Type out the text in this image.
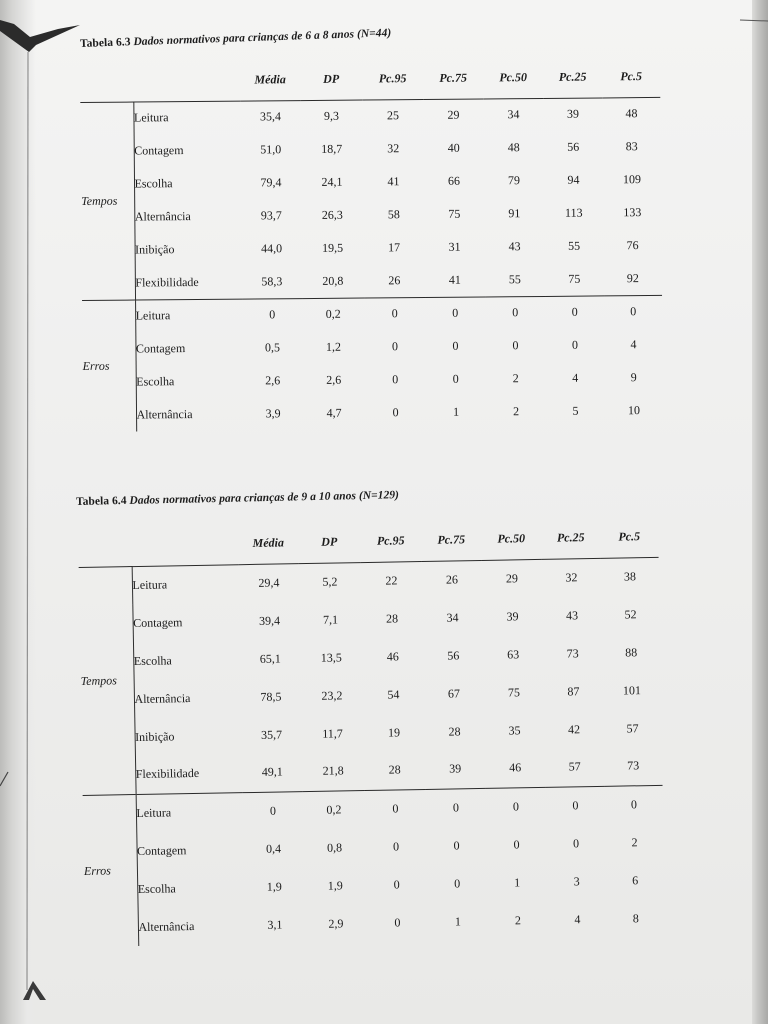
Tabela 6.3 Dados normativos para crianças de 6 a 8 anos (N=44)
		Média	DP	Pc.95	Pc.75	Pc.50	Pc.25	Pc.5
Tempos	Leitura	35,4	9,3	25	29	34	39	48
	Contagem	51,0	18,7	32	40	48	56	83
	Escolha	79,4	24,1	41	66	79	94	109
	Alternância	93,7	26,3	58	75	91	113	133
	Inibição	44,0	19,5	17	31	43	55	76
	Flexibilidade	58,3	20,8	26	41	55	75	92
Erros	Leitura	0	0,2	0	0	0	0	0
	Contagem	0,5	1,2	0	0	0	0	4
	Escolha	2,6	2,6	0	0	2	4	9
	Alternância	3,9	4,7	0	1	2	5	10
Tabela 6.4 Dados normativos para crianças de 9 a 10 anos (N=129)
		Média	DP	Pc.95	Pc.75	Pc.50	Pc.25	Pc.5
Tempos	Leitura	29,4	5,2	22	26	29	32	38
	Contagem	39,4	7,1	28	34	39	43	52
	Escolha	65,1	13,5	46	56	63	73	88
	Alternância	78,5	23,2	54	67	75	87	101
	Inibição	35,7	11,7	19	28	35	42	57
	Flexibilidade	49,1	21,8	28	39	46	57	73
Erros	Leitura	0	0,2	0	0	0	0	0
	Contagem	0,4	0,8	0	0	0	0	2
	Escolha	1,9	1,9	0	0	1	3	6
	Alternância	3,1	2,9	0	1	2	4	8
